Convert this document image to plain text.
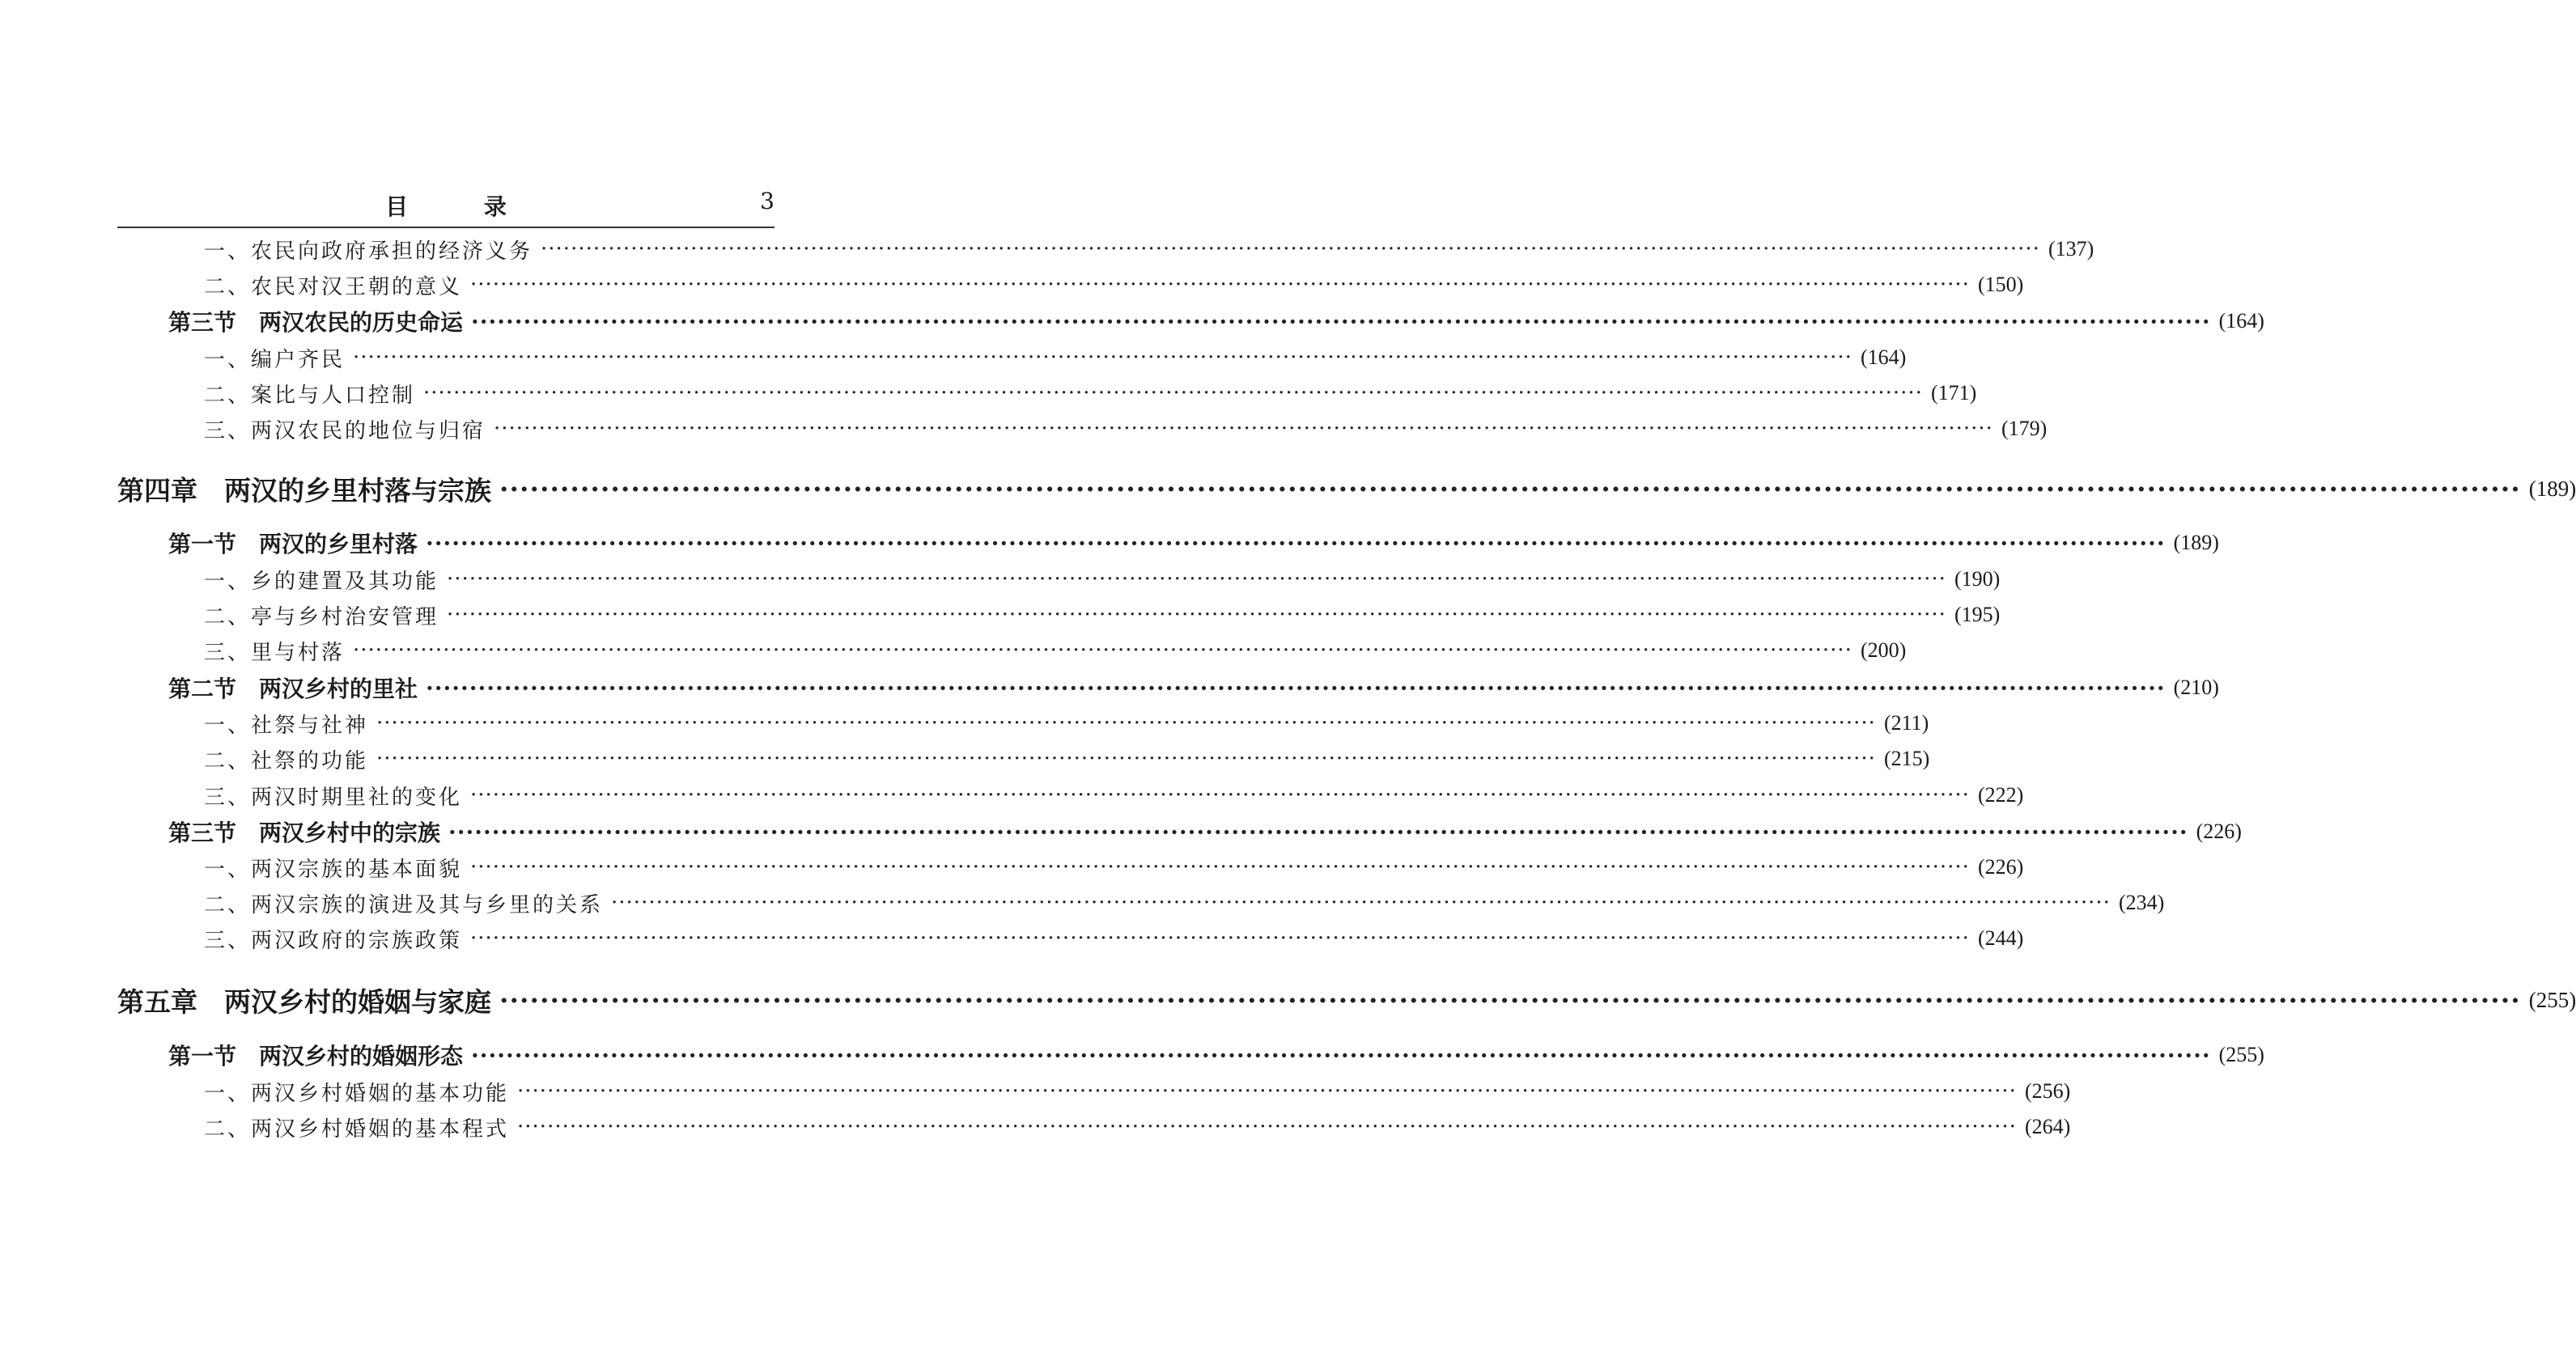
目 录	3
一、农民向政府承担的经济义务 ········································································································································································································ (137)
二、农民对汉王朝的意义 ········································································································································································································ (150)
第三节　两汉农民的历史命运 ········································································································································································································ (164)
一、编户齐民 ········································································································································································································ (164)
二、案比与人口控制 ········································································································································································································ (171)
三、两汉农民的地位与归宿 ········································································································································································································ (179)
第四章　两汉的乡里村落与宗族 ········································································································································································································ (189)
第一节　两汉的乡里村落 ········································································································································································································ (189)
一、乡的建置及其功能 ········································································································································································································ (190)
二、亭与乡村治安管理 ········································································································································································································ (195)
三、里与村落 ········································································································································································································ (200)
第二节　两汉乡村的里社 ········································································································································································································ (210)
一、社祭与社神 ········································································································································································································ (211)
二、社祭的功能 ········································································································································································································ (215)
三、两汉时期里社的变化 ········································································································································································································ (222)
第三节　两汉乡村中的宗族 ········································································································································································································ (226)
一、两汉宗族的基本面貌 ········································································································································································································ (226)
二、两汉宗族的演进及其与乡里的关系 ········································································································································································································ (234)
三、两汉政府的宗族政策 ········································································································································································································ (244)
第五章　两汉乡村的婚姻与家庭 ········································································································································································································ (255)
第一节　两汉乡村的婚姻形态 ········································································································································································································ (255)
一、两汉乡村婚姻的基本功能 ········································································································································································································ (256)
二、两汉乡村婚姻的基本程式 ········································································································································································································ (264)
